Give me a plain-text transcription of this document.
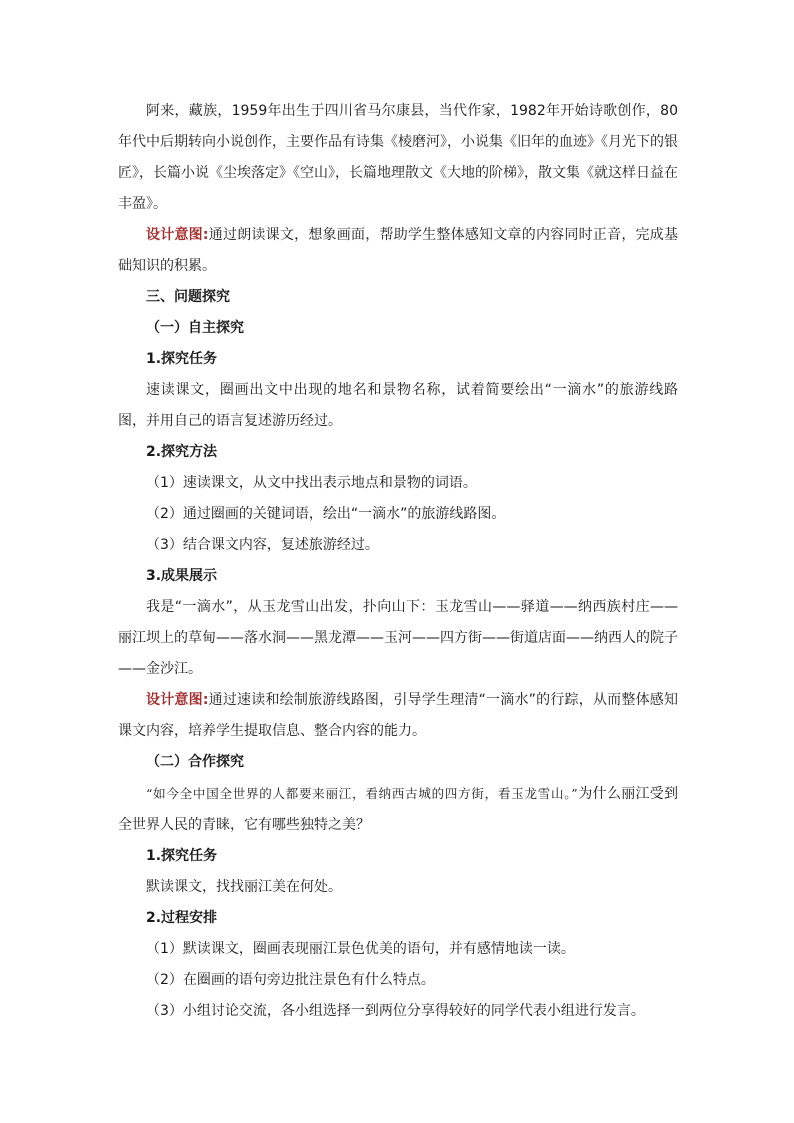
阿来，藏族，1959年出生于四川省马尔康县，当代作家，1982年开始诗歌创作，80年代中后期转向小说创作，主要作品有诗集《棱磨河》，小说集《旧年的血迹》《月光下的银匠》，长篇小说《尘埃落定》《空山》，长篇地理散文《大地的阶梯》，散文集《就这样日益在丰盈》。

设计意图:通过朗读课文，想象画面，帮助学生整体感知文章的内容同时正音，完成基础知识的积累。

三、问题探究

（一）自主探究

1.探究任务

速读课文，圈画出文中出现的地名和景物名称，试着简要绘出“一滴水”的旅游线路图，并用自己的语言复述游历经过。

2.探究方法

（1）速读课文，从文中找出表示地点和景物的词语。

（2）通过圈画的关键词语，绘出“一滴水”的旅游线路图。

（3）结合课文内容，复述旅游经过。

3.成果展示

我是“一滴水”，从玉龙雪山出发，扑向山下：玉龙雪山——驿道——纳西族村庄——丽江坝上的草甸——落水洞——黑龙潭——玉河——四方街——街道店面——纳西人的院子——金沙江。

设计意图:通过速读和绘制旅游线路图，引导学生理清“一滴水”的行踪，从而整体感知课文内容，培养学生提取信息、整合内容的能力。

（二）合作探究

“如今全中国全世界的人都要来丽江，看纳西古城的四方街，看玉龙雪山。”为什么丽江受到全世界人民的青睐，它有哪些独特之美？

1.探究任务

默读课文，找找丽江美在何处。

2.过程安排

（1）默读课文，圈画表现丽江景色优美的语句，并有感情地读一读。

（2）在圈画的语句旁边批注景色有什么特点。

（3）小组讨论交流，各小组选择一到两位分享得较好的同学代表小组进行发言。
